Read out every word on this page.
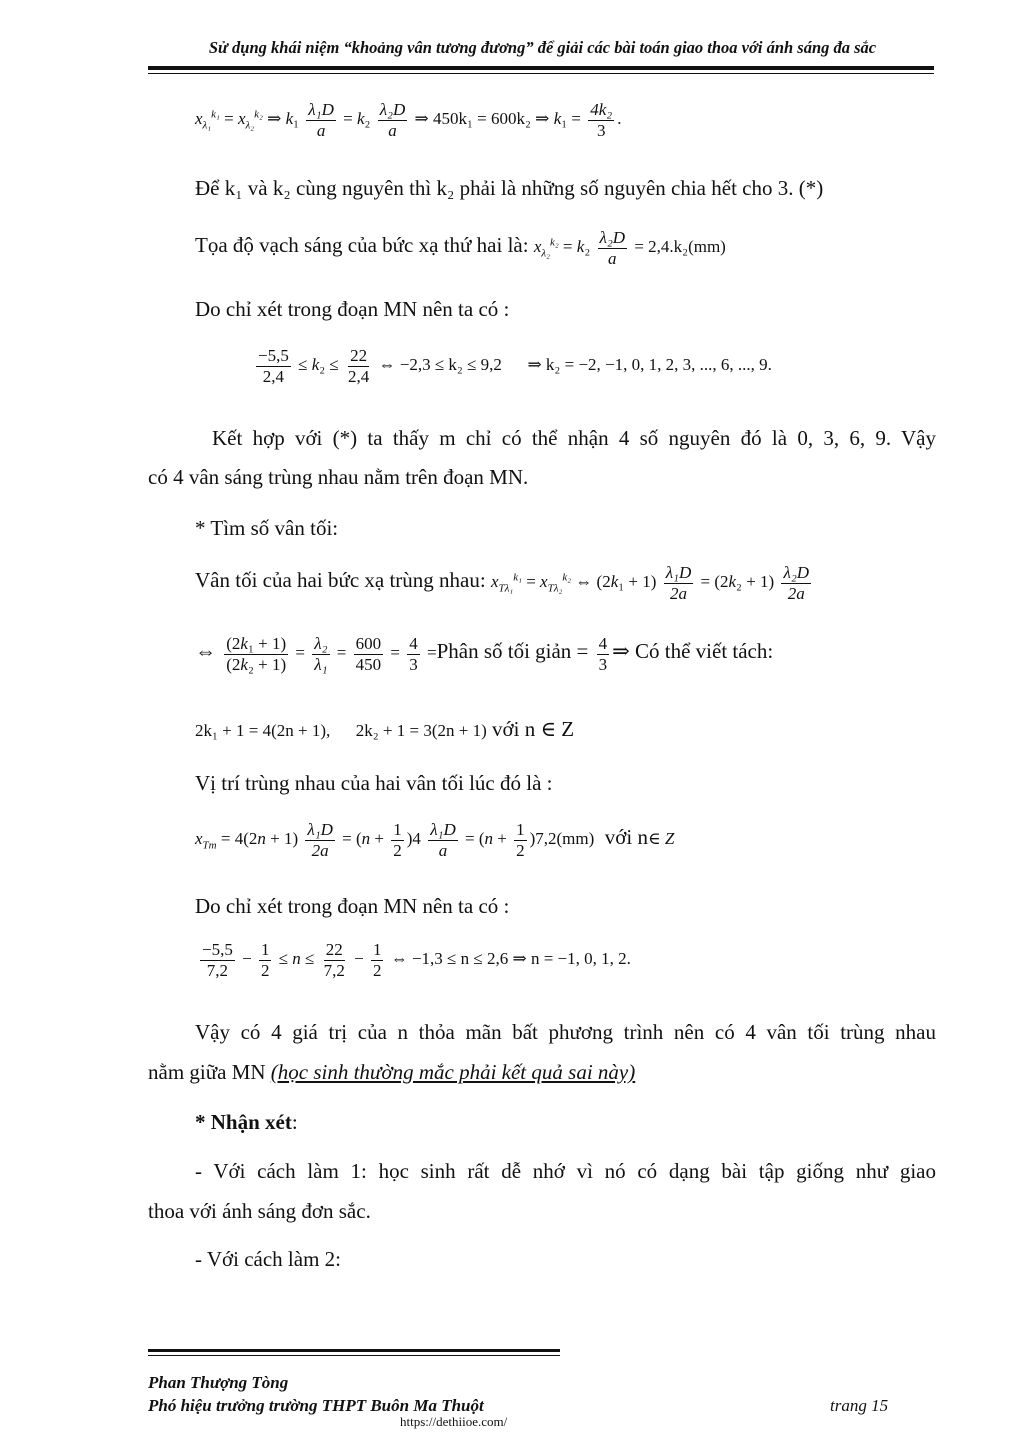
Sử dụng khái niệm “khoảng vân tương đương” để giải các bài toán giao thoa với ánh sáng đa sắc
$x_{\lambda_1}^{k_1} = x_{\lambda_2}^{k_2}$ ⇒ $k_1 \frac{\text{λ₁D}}{a} = k_2 \frac{\text{λ₂D}}{a}$ ⇒ 450k₁ = 600k₂ ⇒ $k_1 = \frac{\text{4k₂}}{3}$ .
Để k₁ và k₂ cùng nguyên thì k₂ phải là những số nguyên chia hết cho 3. (*)
Tọa độ vạch sáng của bức xạ thứ hai là: $x_{\lambda_2}^{k_2} = k_2 \frac{\text{λ₂D}}{a} = 2,4.k_2(mm)$
Do chỉ xét trong đoạn MN nên ta có :
$\frac{-5,5}{2,4} \le k_2 \le \frac{22}{2,4}$ ⇔ −2,3 ≤ k₂ ≤ 9,2 ⇒ k₂ = −2, −1, 0, 1, 2, 3, ..., 6, ..., 9.
Kết hợp với (*) ta thấy m chỉ có thể nhận 4 số nguyên đó là 0, 3, 6, 9. Vậy
có 4 vân sáng trùng nhau nằm trên đoạn MN.
* Tìm số vân tối:
Vân tối của hai bức xạ trùng nhau: $x_{T\lambda_1}^{k_1} = x_{T\lambda_2}^{k_2}$ ⇔ $(2k_1 + 1) \frac{\text{λ₁D}}{2a} = (2k_2 + 1) \frac{\text{λ₂D}}{2a}$
⇔ $\frac{\text{(2k₁ + 1)}}{\text{(2k₂ + 1)}} = \frac{\text{λ₂}}{\text{λ₁}} = \frac{600}{450} = \frac{4}{3}$ =Phân số tối giản = $\frac{4}{3}$ ⇒ Có thể viết tách:
2k₁ + 1 = 4(2n + 1),      2k₂ + 1 = 3(2n + 1) với n ∈ Z
Vị trí trùng nhau của hai vân tối lúc đó là :
$x_{Tm} = 4(2n + 1) \frac{\text{λ₁D}}{2a} = (n + \frac{1}{2} )4 \frac{\text{λ₁D}}{a} = (n + \frac{1}{2} )7,2(mm)$ với n∈ Z
Do chỉ xét trong đoạn MN nên ta có :
$\frac{-5,5}{7,2} - \frac{1}{2} \le n \le \frac{22}{7,2} - \frac{1}{2}$ ⇔ −1,3 ≤ n ≤ 2,6 ⇒ n = −1, 0, 1, 2.
Vậy có 4 giá trị của n thỏa mãn bất phương trình nên có 4 vân tối trùng nhau
nằm giữa MN (học sinh thường mắc phải kết quả sai này)
* Nhận xét:
- Với cách làm 1: học sinh rất dễ nhớ vì nó có dạng bài tập giống như giao
thoa với ánh sáng đơn sắc.
- Với cách làm 2:
Phan Thượng Tòng
Phó hiệu trưởng trường THPT Buôn Ma Thuột	trang 15
https://dethiioe.com/
